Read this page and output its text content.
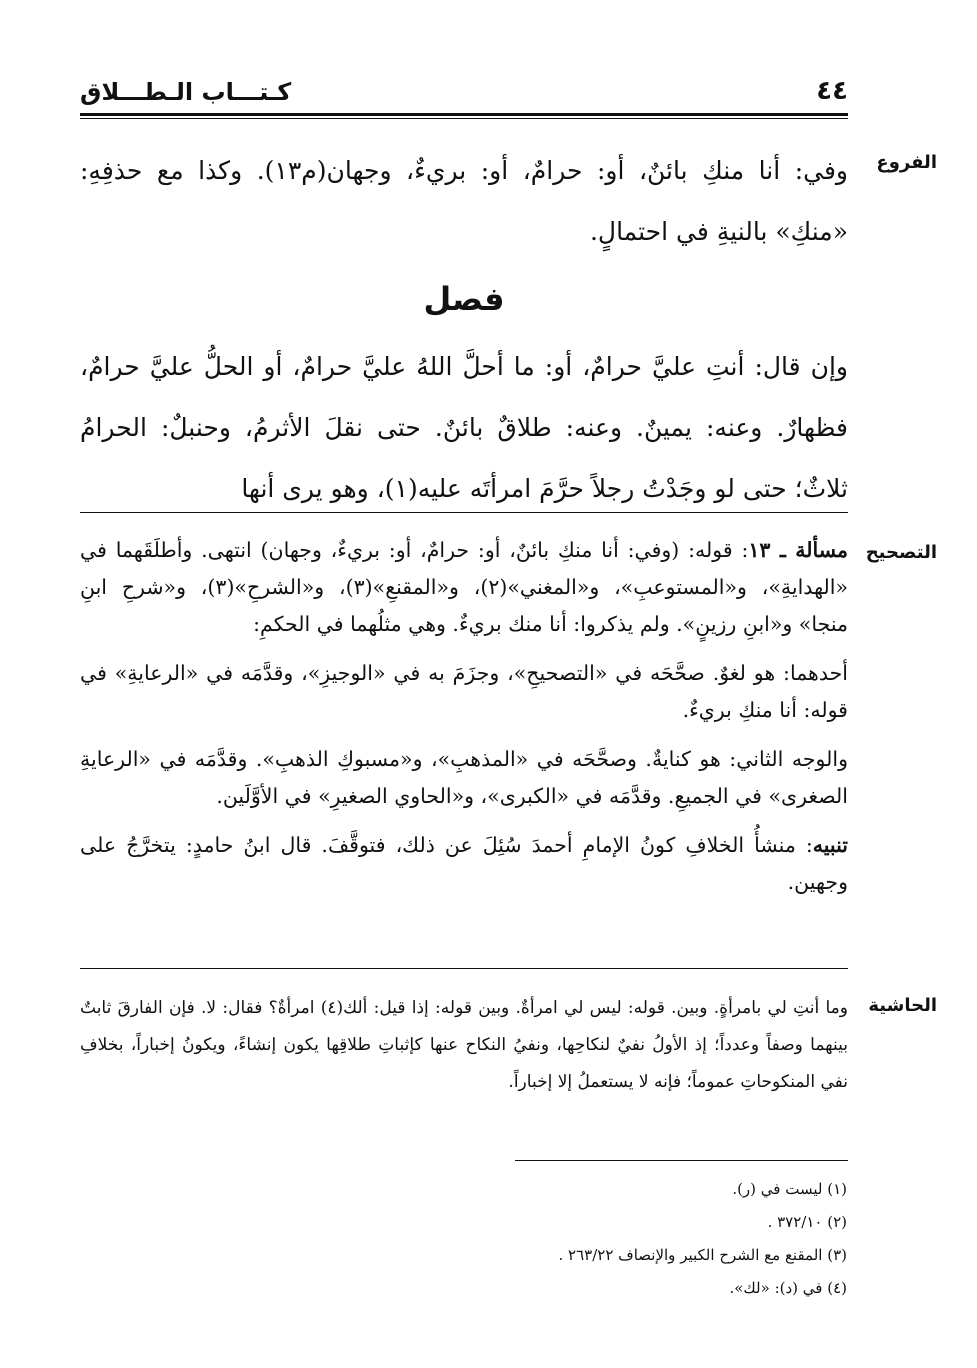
كـتـــاب الـطـــلاق	٤٤
الفروع
وفي: أنا منكِ بائنٌ، أو: حرامٌ، أو: بريءٌ، وجهان(م١٣). وكذا مع حذفِهِ: «منكِ» بالنيةِ في احتمالٍ.
فصل
وإن قال: أنتِ عليَّ حرامٌ، أو: ما أحلَّ اللهُ عليَّ حرامٌ، أو الحلُّ عليَّ حرامٌ، فظهارٌ. وعنه: يمينٌ. وعنه: طلاقٌ بائنٌ. حتى نقلَ الأثرمُ، وحنبلٌ: الحرامُ ثلاثٌ؛ حتى لو وجَدْتُ رجلاً حرَّمَ امرأتَه عليه(١)، وهو يرى أنها
التصحيح

مسألة ـ ١٣: قوله: (وفي: أنا منكِ بائنٌ، أو: حرامٌ، أو: بريءٌ، وجهان) انتهى. وأطلَقَهما في «الهدايةِ»، و«المستوعبِ»، و«المغني»(٢)، و«المقنعِ»(٣)، و«الشرحِ»(٣)، و«شرحِ ابنِ منجا» و«ابنِ رزينٍ». ولم يذكروا: أنا منك بريءٌ. وهي مثلُهما في الحكمِ:

أحدهما: هو لغوٌ. صحَّحَه في «التصحيحِ»، وجزَمَ به في «الوجيزِ»، وقدَّمَه في «الرعايةِ» في قوله: أنا منكِ بريءٌ.

والوجه الثاني: هو كنايةٌ. وصحَّحَه في «المذهبِ»، و«مسبوكِ الذهبِ». وقدَّمَه في «الرعايةِ الصغرى» في الجميعِ. وقدَّمَه في «الكبرى»، و«الحاوي الصغيرِ» في الأوَّلَين.

تنبيه: منشأُ الخلافِ كونُ الإمامِ أحمدَ سُئِلَ عن ذلك، فتوقَّفَ. قال ابنُ حامدٍ: يتخرَّجُ على وجهين.

الحاشية
وما أنتِ لي بامرأةٍ. وبين. قوله: ليس لي امرأةٌ. وبين قوله: إذا قيل: ألك(٤) امرأةٌ؟ فقال: لا. فإن الفارقَ ثابتٌ بينهما وصفاً وعدداً؛ إذ الأولُ نفيٌ لنكاحِها، ونفيُ النكاح عنها كإثباتِ طلاقِها يكون إنشاءً، ويكونُ إخباراً، بخلافِ نفي المنكوحاتِ عموماً؛ فإنه لا يستعملُ إلا إخباراً.
(١) ليست في (ر).
(٢) ٣٧٢/١٠ .
(٣) المقنع مع الشرح الكبير والإنصاف ٢٦٣/٢٢ .
(٤) في (د): «لك».
